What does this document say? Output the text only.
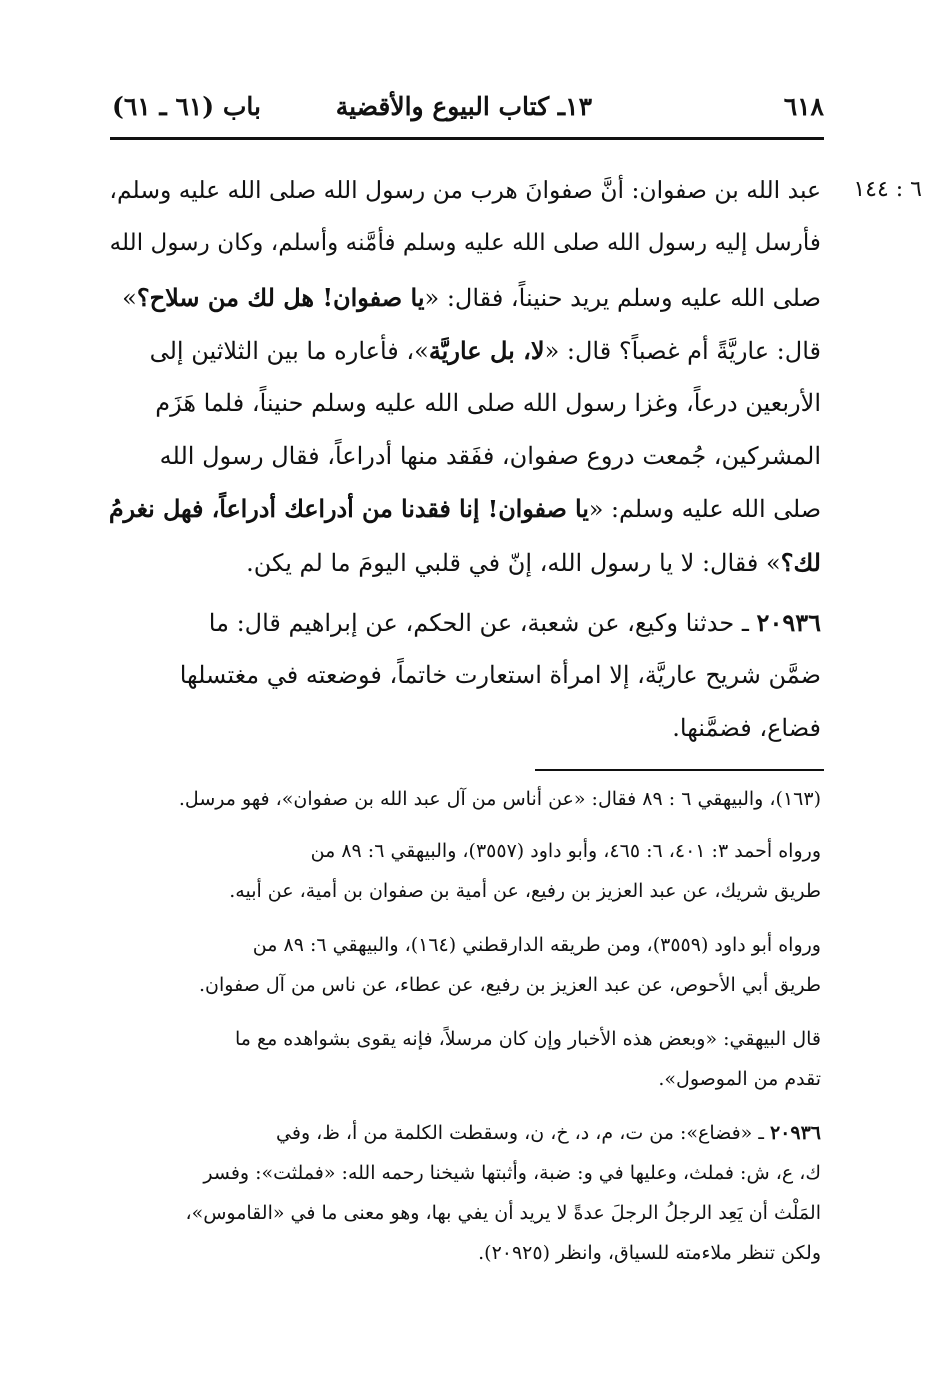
٦١٨
١٣ـ كتاب البيوع والأقضية
باب (٦١ ـ ٦١)
٦ : ١٤٤
عبد الله بن صفوان: أنَّ صفوانَ هرب من رسول الله صلى الله عليه وسلم،
فأرسل إليه رسول الله صلى الله عليه وسلم فأمَّنه وأسلم، وكان رسول الله
صلى الله عليه وسلم يريد حنيناً، فقال: «يا صفوان! هل لك من سلاح؟»
قال: عاريَّةً أم غصباً؟ قال: «لا، بل عاريَّة»، فأعاره ما بين الثلاثين إلى
الأربعين درعاً، وغزا رسول الله صلى الله عليه وسلم حنيناً، فلما هَزَم
المشركين، جُمعت دروع صفوان، ففَقد منها أدراعاً، فقال رسول الله
صلى الله عليه وسلم: «يا صفوان! إنا فقدنا من أدراعك أدراعاً، فهل نغرمُ
لك؟» فقال: لا يا رسول الله، إنّ في قلبي اليومَ ما لم يكن.
٢٠٩٣٦ ـ حدثنا وكيع، عن شعبة، عن الحكم، عن إبراهيم قال: ما
ضمَّن شريح عاريَّة، إلا امرأة استعارت خاتماً، فوضعته في مغتسلها
فضاع، فضمَّنها.
(١٦٣)، والبيهقي ٦ : ٨٩ فقال: «عن أناس من آل عبد الله بن صفوان»، فهو مرسل.
ورواه أحمد ٣: ٤٠١، ٦: ٤٦٥، وأبو داود (٣٥٥٧)، والبيهقي ٦: ٨٩ من
طريق شريك، عن عبد العزيز بن رفيع، عن أمية بن صفوان بن أمية، عن أبيه.
ورواه أبو داود (٣٥٥٩)، ومن طريقه الدارقطني (١٦٤)، والبيهقي ٦: ٨٩ من
طريق أبي الأحوص، عن عبد العزيز بن رفيع، عن عطاء، عن ناس من آل صفوان.
قال البيهقي: «وبعض هذه الأخبار وإن كان مرسلاً، فإنه يقوى بشواهده مع ما
تقدم من الموصول».
٢٠٩٣٦ ـ «فضاع»: من ت، م، د، خ، ن، وسقطت الكلمة من أ، ظ، وفي
ك، ع، ش: فملث، وعليها في و: ضبة، وأثبتها شيخنا رحمه الله: «فملثت»: وفسر
المَلْث أن يَعِد الرجلُ الرجلَ عدةً لا يريد أن يفي بها، وهو معنى ما في «القاموس»،
ولكن تنظر ملاءمته للسياق، وانظر (٢٠٩٢٥).
